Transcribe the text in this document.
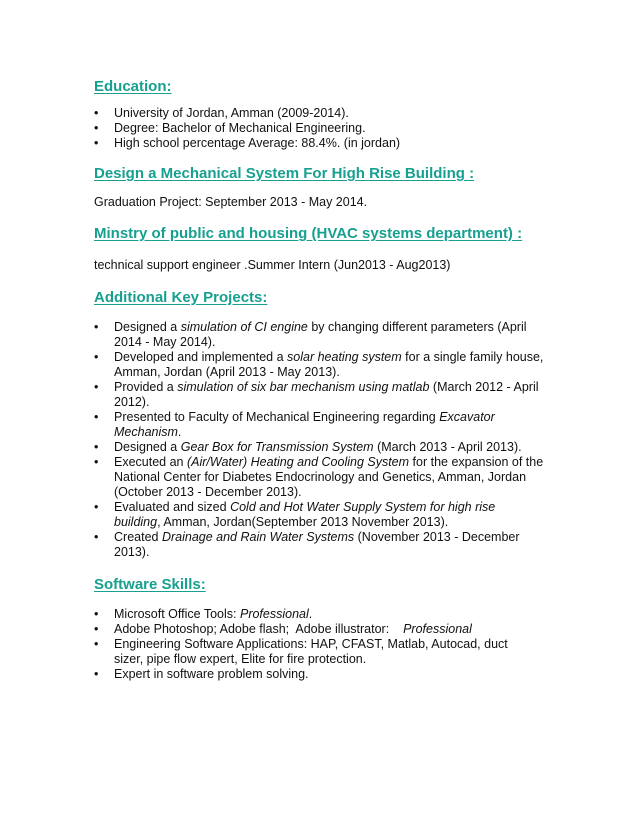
Education:
• University of Jordan, Amman (2009-2014).
• Degree: Bachelor of Mechanical Engineering.
• High school percentage Average: 88.4%. (in jordan)
Design a Mechanical System For High Rise Building :

Graduation Project: September 2013 - May 2014.

Minstry of public and housing (HVAC systems department) :

technical support engineer .Summer Intern (Jun2013 - Aug2013)

Additional Key Projects:
• Designed a simulation of CI engine by changing different parameters (April
2014 - May 2014).
• Developed and implemented a solar heating system for a single family house,
Amman, Jordan (April 2013 - May 2013).
• Provided a simulation of six bar mechanism using matlab (March 2012 - April
2012).
• Presented to Faculty of Mechanical Engineering regarding Excavator
Mechanism.
• Designed a Gear Box for Transmission System (March 2013 - April 2013).
• Executed an (Air/Water) Heating and Cooling System for the expansion of the
National Center for Diabetes Endocrinology and Genetics, Amman, Jordan
(October 2013 - December 2013).
• Evaluated and sized Cold and Hot Water Supply System for high rise
building, Amman, Jordan(September 2013 November 2013).
• Created Drainage and Rain Water Systems (November 2013 - December
2013).
Software Skills:
• Microsoft Office Tools: Professional.
• Adobe Photoshop; Adobe flash;  Adobe illustrator:    Professional
• Engineering Software Applications: HAP, CFAST, Matlab, Autocad, duct
sizer, pipe flow expert, Elite for fire protection.
• Expert in software problem solving.
